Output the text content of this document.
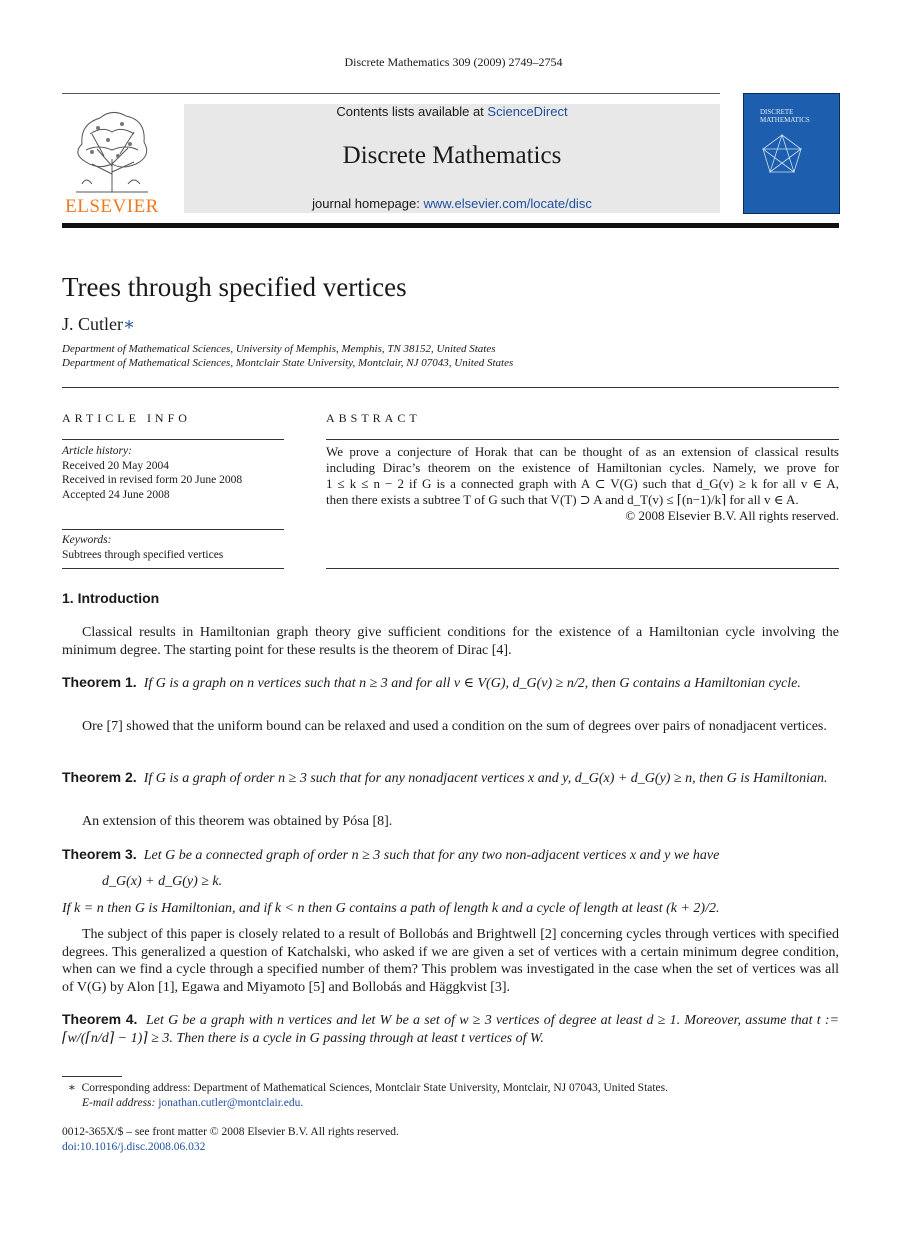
Discrete Mathematics 309 (2009) 2749–2754
ELSEVIER
Contents lists available at ScienceDirect
Discrete Mathematics
journal homepage: www.elsevier.com/locate/disc
DISCRETE MATHEMATICS
Trees through specified vertices
J. Cutler∗
Department of Mathematical Sciences, University of Memphis, Memphis, TN 38152, United States
Department of Mathematical Sciences, Montclair State University, Montclair, NJ 07043, United States
ARTICLE INFO
Article history:
Received 20 May 2004
Received in revised form 20 June 2008
Accepted 24 June 2008
Keywords:
Subtrees through specified vertices
ABSTRACT
We prove a conjecture of Horak that can be thought of as an extension of classical results
including Dirac’s theorem on the existence of Hamiltonian cycles. Namely, we prove for
1 ≤ k ≤ n − 2 if G is a connected graph with A ⊂ V(G) such that d_G(v) ≥ k for all v ∈ A,
then there exists a subtree T of G such that V(T) ⊃ A and d_T(v) ≤ ⌈(n−1)/k⌉ for all v ∈ A.
© 2008 Elsevier B.V. All rights reserved.
1. Introduction
Classical results in Hamiltonian graph theory give sufficient conditions for the existence of a Hamiltonian cycle involving the minimum degree. The starting point for these results is the theorem of Dirac [4].
Theorem 1. If G is a graph on n vertices such that n ≥ 3 and for all v ∈ V(G), d_G(v) ≥ n/2, then G contains a Hamiltonian cycle.
Ore [7] showed that the uniform bound can be relaxed and used a condition on the sum of degrees over pairs of nonadjacent vertices.
Theorem 2. If G is a graph of order n ≥ 3 such that for any nonadjacent vertices x and y, d_G(x) + d_G(y) ≥ n, then G is Hamiltonian.
An extension of this theorem was obtained by Pósa [8].
Theorem 3. Let G be a connected graph of order n ≥ 3 such that for any two non-adjacent vertices x and y we have
d_G(x) + d_G(y) ≥ k.
If k = n then G is Hamiltonian, and if k < n then G contains a path of length k and a cycle of length at least (k + 2)/2.
The subject of this paper is closely related to a result of Bollobás and Brightwell [2] concerning cycles through vertices with specified degrees. This generalized a question of Katchalski, who asked if we are given a set of vertices with a certain minimum degree condition, when can we find a cycle through a specified number of them? This problem was investigated in the case when the set of vertices was all of V(G) by Alon [1], Egawa and Miyamoto [5] and Bollobás and Häggkvist [3].
Theorem 4. Let G be a graph with n vertices and let W be a set of w ≥ 3 vertices of degree at least d ≥ 1. Moreover, assume that t := ⌈w/(⌈n/d⌉ − 1)⌉ ≥ 3. Then there is a cycle in G passing through at least t vertices of W.
∗ Corresponding address: Department of Mathematical Sciences, Montclair State University, Montclair, NJ 07043, United States.
E-mail address: jonathan.cutler@montclair.edu.
0012-365X/$ – see front matter © 2008 Elsevier B.V. All rights reserved.
doi:10.1016/j.disc.2008.06.032
